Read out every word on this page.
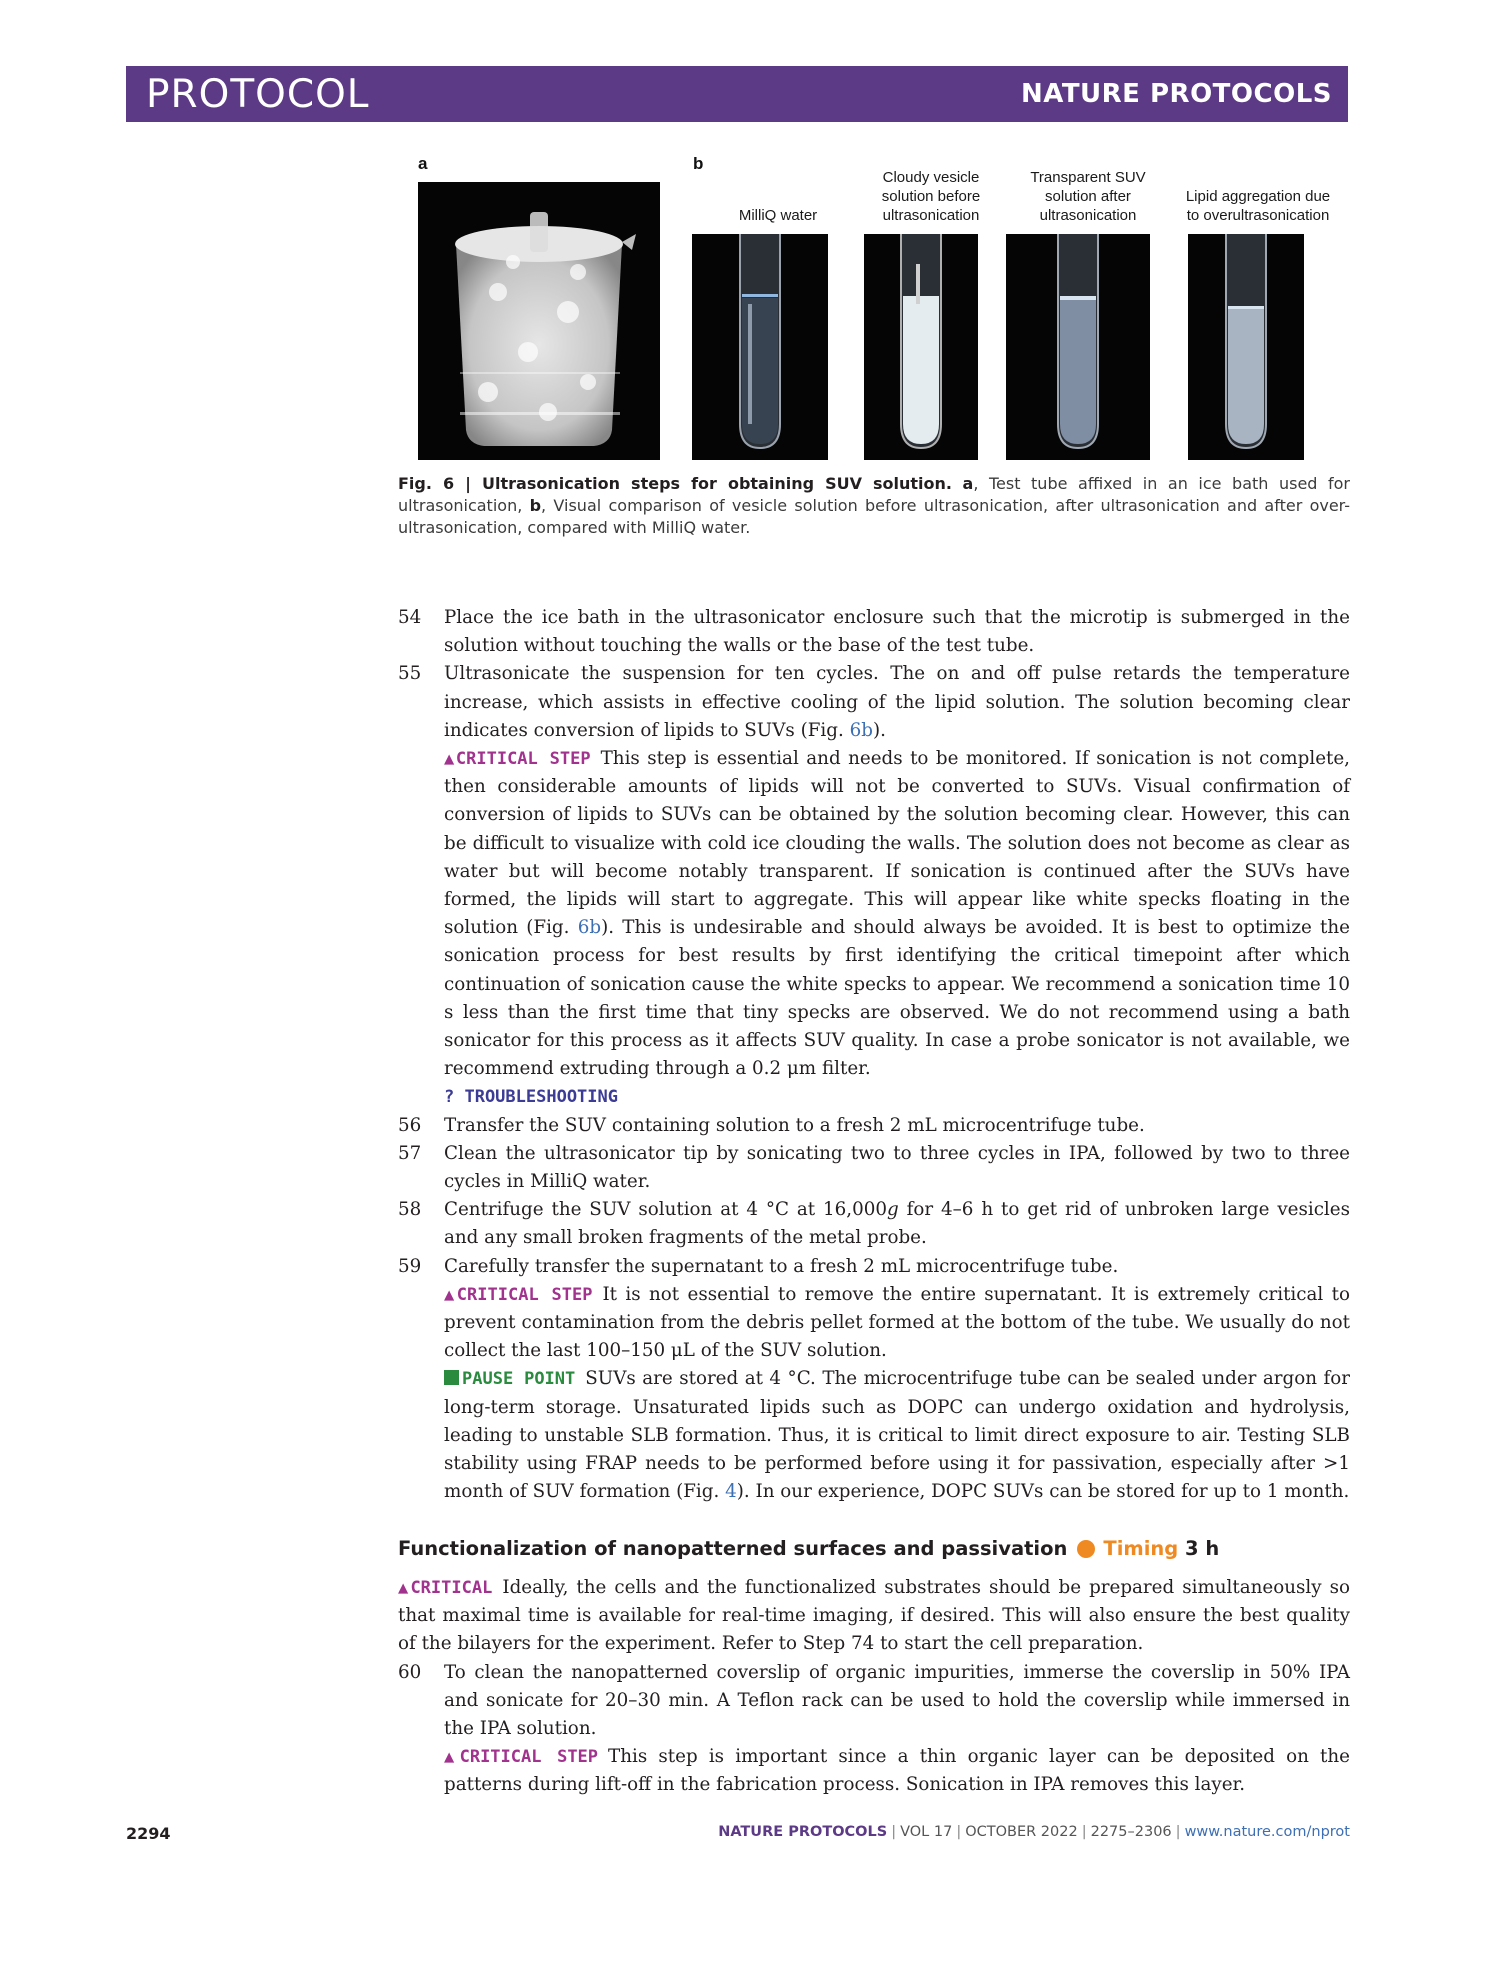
PROTOCOL	NATURE PROTOCOLS
a	b
MilliQ water
Cloudy vesicle
solution before
ultrasonication
Transparent SUV
solution after
ultrasonication
Lipid aggregation due
to overultrasonication

Fig. 6 | Ultrasonication steps for obtaining SUV solution. a, Test tube affixed in an ice bath used for ultrasonication, b, Visual comparison of vesicle solution before ultrasonication, after ultrasonication and after over-ultrasonication, compared with MilliQ water.

54 Place the ice bath in the ultrasonicator enclosure such that the microtip is submerged in the solution without touching the walls or the base of the test tube.
55 Ultrasonicate the suspension for ten cycles. The on and off pulse retards the temperature increase, which assists in effective cooling of the lipid solution. The solution becoming clear indicates conversion of lipids to SUVs (Fig. 6b).
▲CRITICAL STEP This step is essential and needs to be monitored. If sonication is not complete, then considerable amounts of lipids will not be converted to SUVs. Visual confirmation of conversion of lipids to SUVs can be obtained by the solution becoming clear. However, this can be difficult to visualize with cold ice clouding the walls. The solution does not become as clear as water but will become notably transparent. If sonication is continued after the SUVs have formed, the lipids will start to aggregate. This will appear like white specks floating in the solution (Fig. 6b). This is undesirable and should always be avoided. It is best to optimize the sonication process for best results by first identifying the critical timepoint after which continuation of sonication cause the white specks to appear. We recommend a sonication time 10 s less than the first time that tiny specks are observed. We do not recommend using a bath sonicator for this process as it affects SUV quality. In case a probe sonicator is not available, we recommend extruding through a 0.2 μm filter.
? TROUBLESHOOTING
56 Transfer the SUV containing solution to a fresh 2 mL microcentrifuge tube.
57 Clean the ultrasonicator tip by sonicating two to three cycles in IPA, followed by two to three cycles in MilliQ water.
58 Centrifuge the SUV solution at 4 °C at 16,000g for 4–6 h to get rid of unbroken large vesicles and any small broken fragments of the metal probe.
59 Carefully transfer the supernatant to a fresh 2 mL microcentrifuge tube.
▲CRITICAL STEP It is not essential to remove the entire supernatant. It is extremely critical to prevent contamination from the debris pellet formed at the bottom of the tube. We usually do not collect the last 100–150 μL of the SUV solution.
PAUSE POINT SUVs are stored at 4 °C. The microcentrifuge tube can be sealed under argon for long-term storage. Unsaturated lipids such as DOPC can undergo oxidation and hydrolysis, leading to unstable SLB formation. Thus, it is critical to limit direct exposure to air. Testing SLB stability using FRAP needs to be performed before using it for passivation, especially after >1 month of SUV formation (Fig. 4). In our experience, DOPC SUVs can be stored for up to 1 month.
Functionalization of nanopatterned surfaces and passivation Timing
3 h
▲CRITICAL Ideally, the cells and the functionalized substrates should be prepared simultaneously so that maximal time is available for real-time imaging, if desired. This will also ensure the best quality of the bilayers for the experiment. Refer to Step 74 to start the cell preparation.
60 To clean the nanopatterned coverslip of organic impurities, immerse the coverslip in 50% IPA and sonicate for 20–30 min. A Teflon rack can be used to hold the coverslip while immersed in the IPA solution.
▲CRITICAL STEP This step is important since a thin organic layer can be deposited on the patterns during lift-off in the fabrication process. Sonication in IPA removes this layer.
2294	NATURE PROTOCOLS | VOL 17 | OCTOBER 2022 | 2275–2306 | www.nature.com/nprot
